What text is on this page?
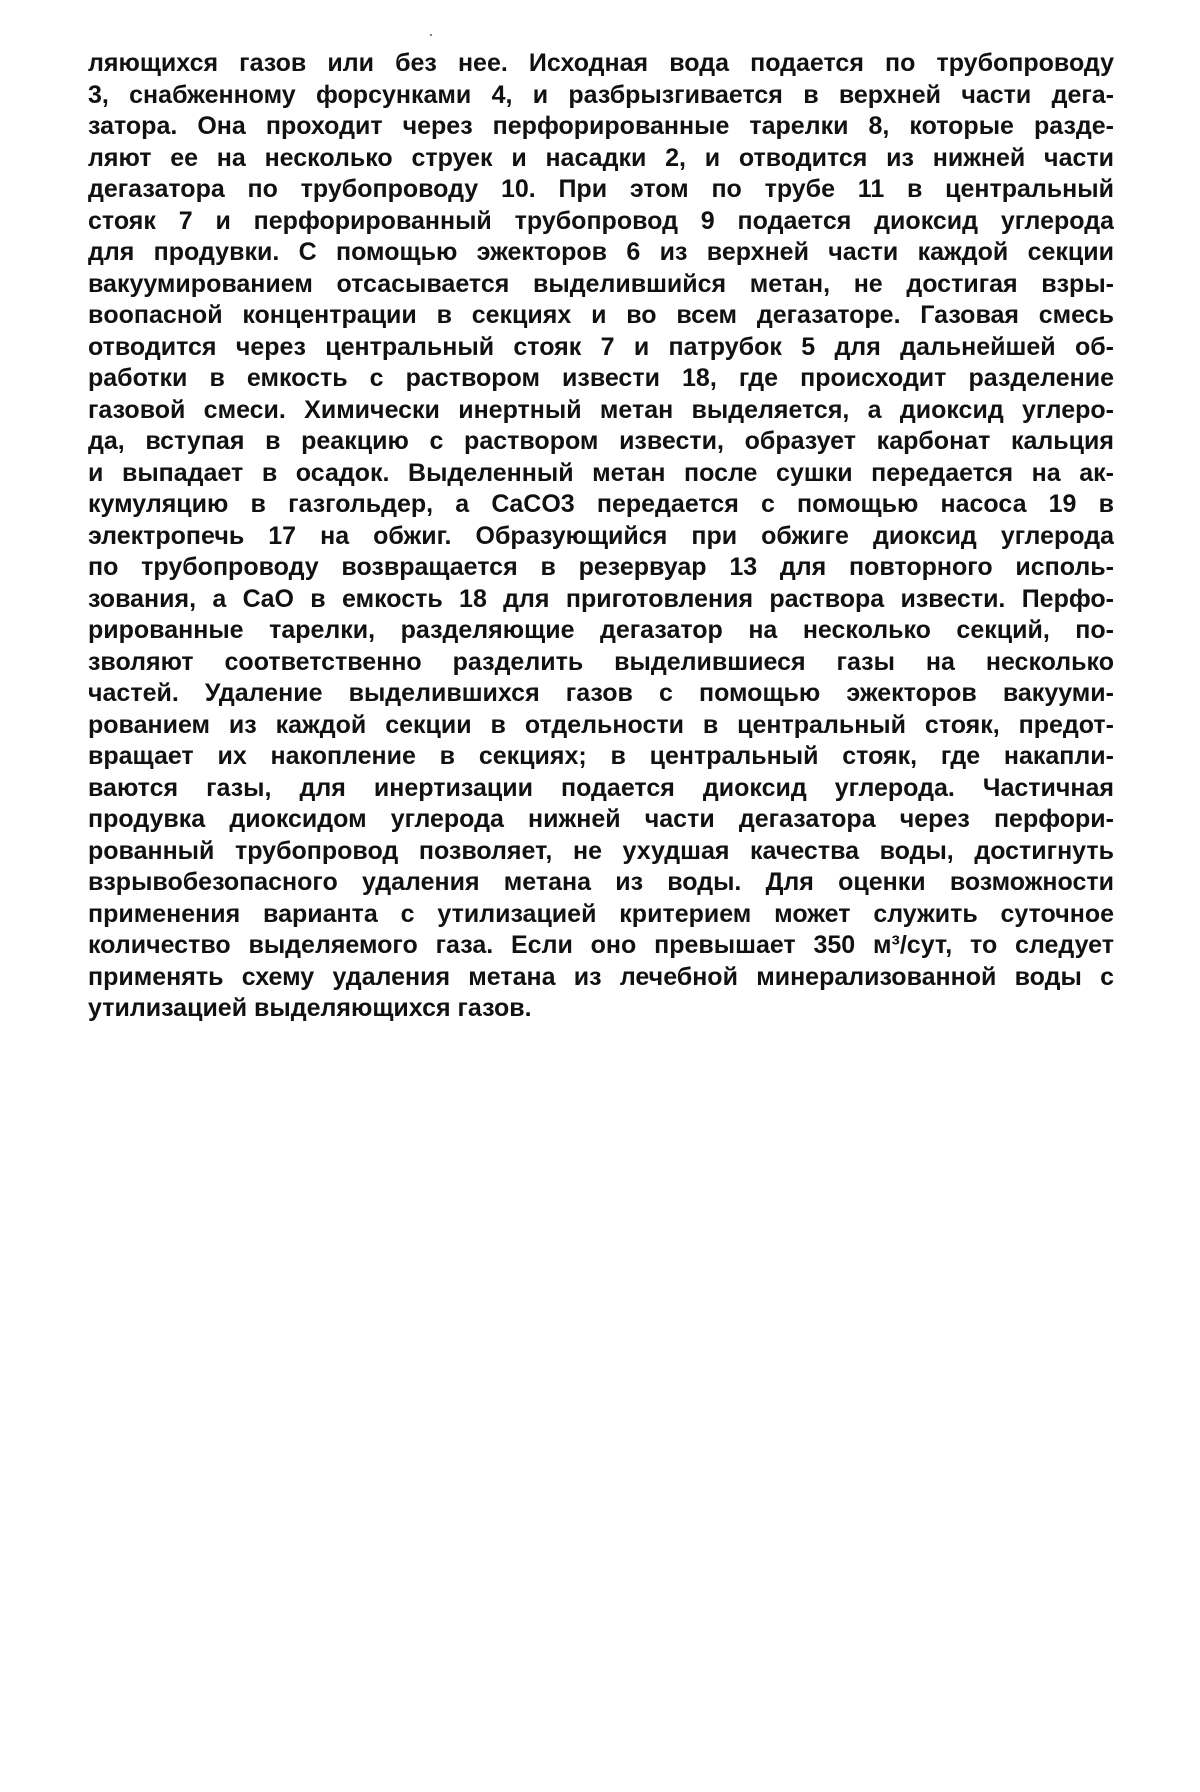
ляющихся газов или без нее. Исходная вода подается по трубопроводу
3, снабженному форсунками 4, и разбрызгивается в верхней части дега-
затора. Она проходит через перфорированные тарелки 8, которые разде-
ляют ее на несколько струек и насадки 2, и отводится из нижней части
дегазатора по трубопроводу 10. При этом по трубе 11 в центральный
стояк 7 и перфорированный трубопровод 9 подается диоксид углерода
для продувки. С помощью эжекторов 6 из верхней части каждой секции
вакуумированием отсасывается выделившийся метан, не достигая взры-
вoопасной концентрации в секциях и во всем дегазаторе. Газовая смесь
отводится через центральный стояк 7 и патрубок 5 для дальнейшей об-
работки в емкость с раствором извести 18, где происходит разделение
газовой смеси. Химически инертный метан выделяется, а диоксид углеро-
да, вступая в реакцию с раствором извести, образует карбонат кальция
и выпадает в осадок. Выделенный метан после сушки передается на ак-
кумуляцию в газгольдер, а CaCO3 передается с помощью насоса 19 в
электропечь 17 на обжиг. Образующийся при обжиге диоксид углерода
по трубопроводу возвращается в резервуар 13 для повторного исполь-
зования, а CaO в емкость 18 для приготовления раствора извести. Перфо-
рированные тарелки, разделяющие дегазатор на несколько секций, по-
зволяют соответственно разделить выделившиеся газы на несколько
частей. Удаление выделившихся газов с помощью эжекторов вакууми-
рованием из каждой секции в отдельности в центральный стояк, предот-
вращает их накопление в секциях; в центральный стояк, где накапли-
ваются газы, для инертизации подается диоксид углерода. Частичная
продувка диоксидом углерода нижней части дегазатора через перфори-
рованный трубопровод позволяет, не ухудшая качества воды, достигнуть
взрывобезопасного удаления метана из воды. Для оценки возможности
применения варианта с утилизацией критерием может служить суточное
количество выделяемого газа. Если оно превышает 350 м³/сут, то следует
применять схему удаления метана из лечебной минерализованной воды с
утилизацией выделяющихся газов.
